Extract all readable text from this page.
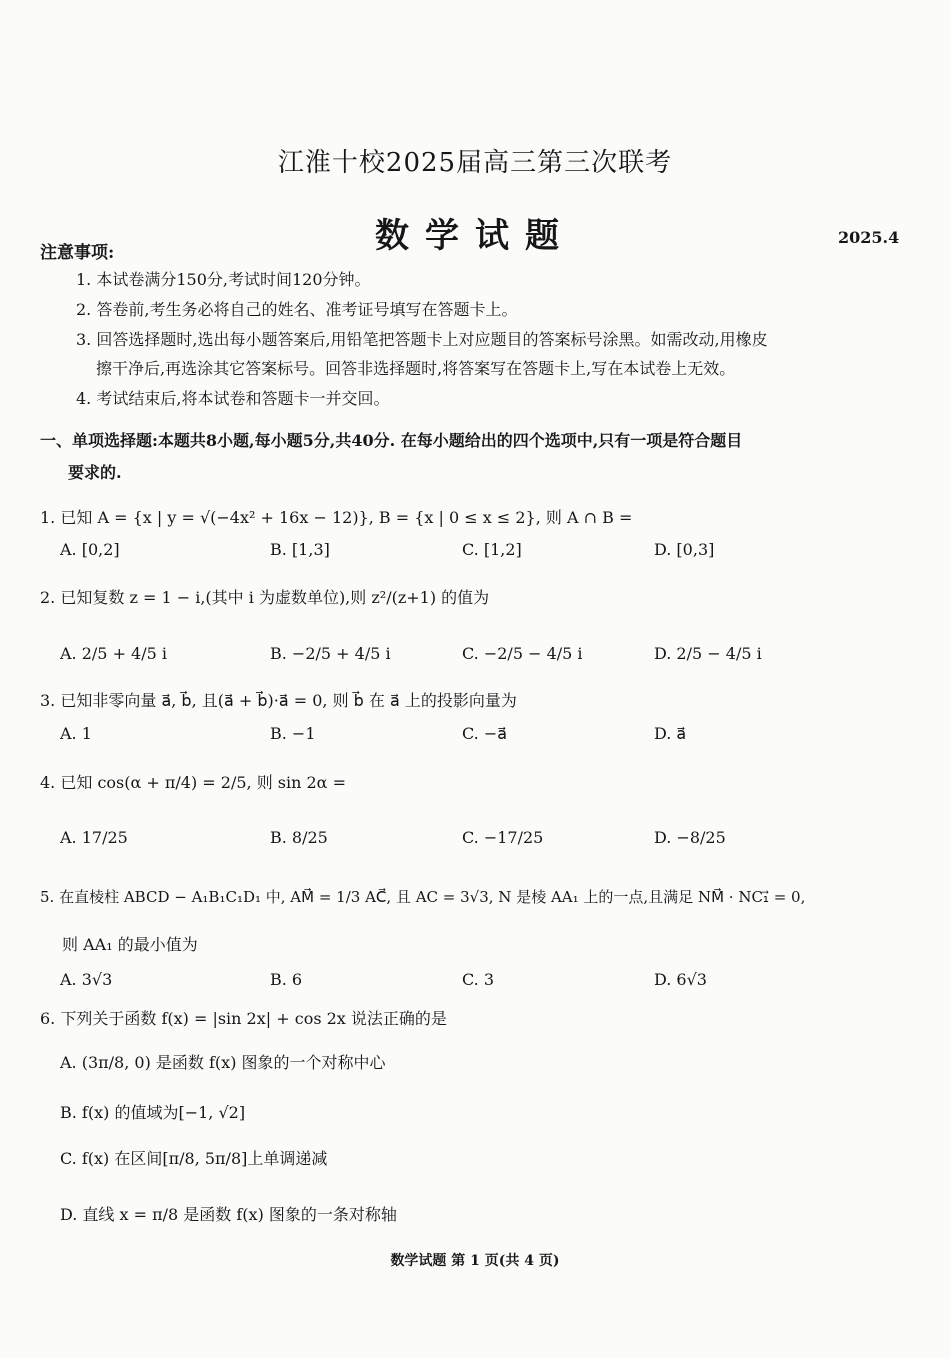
江淮十校2025届高三第三次联考
数学试题	2025.4
注意事项:
1. 本试卷满分150分,考试时间120分钟。
2. 答卷前,考生务必将自己的姓名、准考证号填写在答题卡上。
3. 回答选择题时,选出每小题答案后,用铅笔把答题卡上对应题目的答案标号涂黑。如需改动,用橡皮
擦干净后,再选涂其它答案标号。回答非选择题时,将答案写在答题卡上,写在本试卷上无效。
4. 考试结束后,将本试卷和答题卡一并交回。
一、单项选择题:本题共8小题,每小题5分,共40分. 在每小题给出的四个选项中,只有一项是符合题目
要求的.
1. 已知 A = {x | y = √(−4x² + 16x − 12)}, B = {x | 0 ≤ x ≤ 2}, 则 A ∩ B =
A. [0,2]	B. [1,3]	C. [1,2]	D. [0,3]
2. 已知复数 z = 1 − i,(其中 i 为虚数单位),则 z²/(z+1) 的值为
A. 2/5 + 4/5 i	B. −2/5 + 4/5 i	C. −2/5 − 4/5 i	D. 2/5 − 4/5 i
3. 已知非零向量 a⃗, b⃗, 且(a⃗ + b⃗)·a⃗ = 0, 则 b⃗ 在 a⃗ 上的投影向量为
A. 1	B. −1	C. −a⃗	D. a⃗
4. 已知 cos(α + π/4) = 2/5, 则 sin 2α =
A. 17/25	B. 8/25	C. −17/25	D. −8/25
5. 在直棱柱 ABCD − A₁B₁C₁D₁ 中, AM⃗ = 1/3 AC⃗, 且 AC = 3√3, N 是棱 AA₁ 上的一点,且满足 NM⃗ · NC₁⃗ = 0,
则 AA₁ 的最小值为
A. 3√3	B. 6	C. 3	D. 6√3
6. 下列关于函数 f(x) = |sin 2x| + cos 2x 说法正确的是
A. (3π/8, 0) 是函数 f(x) 图象的一个对称中心
B. f(x) 的值域为[−1, √2]
C. f(x) 在区间[π/8, 5π/8]上单调递减
D. 直线 x = π/8 是函数 f(x) 图象的一条对称轴
数学试题 第 1 页(共 4 页)
